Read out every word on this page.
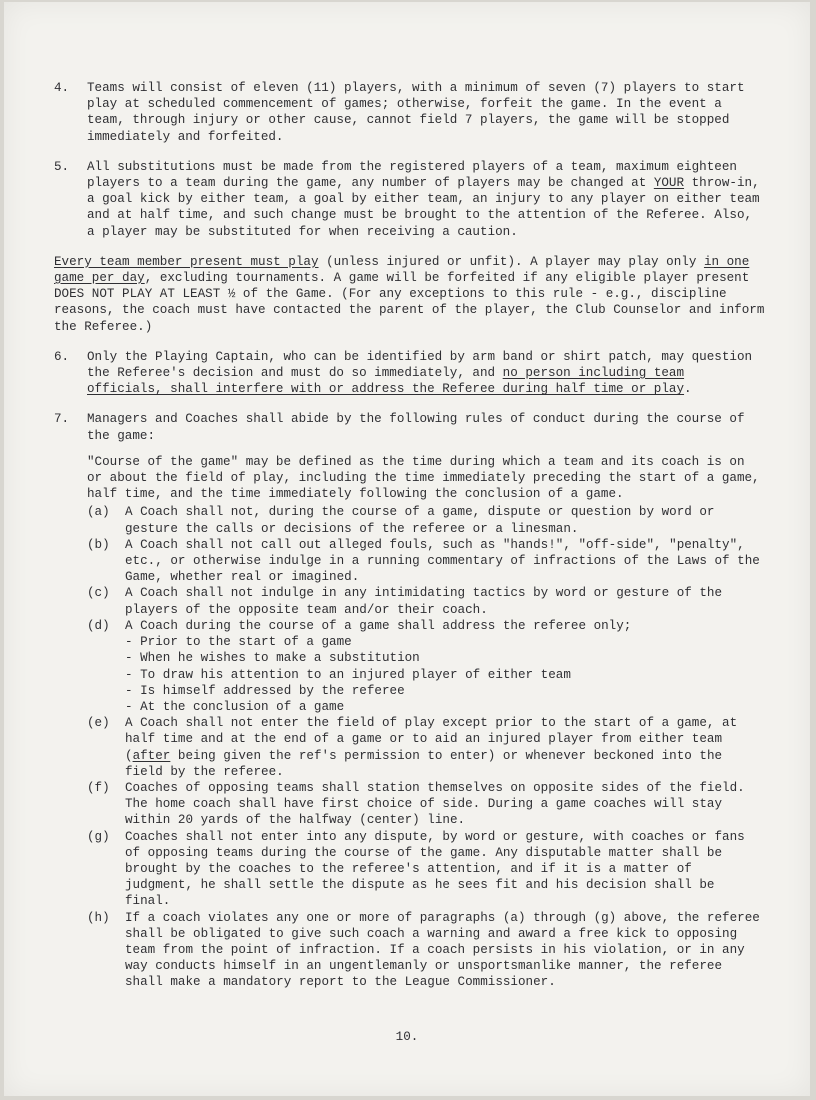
4.	Teams will consist of eleven (11) players, with a minimum of seven (7) players to start play at scheduled commencement of games; otherwise, forfeit the game. In the event a team, through injury or other cause, cannot field 7 players, the game will be stopped immediately and forfeited.
5.	All substitutions must be made from the registered players of a team, maximum eighteen players to a team during the game, any number of players may be changed at YOUR throw-in, a goal kick by either team, a goal by either team, an injury to any player on either team and at half time, and such change must be brought to the attention of the Referee. Also, a player may be substituted for when receiving a caution.
Every team member present must play (unless injured or unfit). A player may play only in one game per day, excluding tournaments. A game will be forfeited if any eligible player present DOES NOT PLAY AT LEAST ½ of the Game. (For any exceptions to this rule - e.g., discipline reasons, the coach must have contacted the parent of the player, the Club Counselor and inform the Referee.)
6.	Only the Playing Captain, who can be identified by arm band or shirt patch, may question the Referee's decision and must do so immediately, and no person including team officials, shall interfere with or address the Referee during half time or play.
7.	Managers and Coaches shall abide by the following rules of conduct during the course of the game:
"Course of the game" may be defined as the time during which a team and its coach is on or about the field of play, including the time immediately preceding the start of a game, half time, and the time immediately following the conclusion of a game.
(a)	A Coach shall not, during the course of a game, dispute or question by word or gesture the calls or decisions of the referee or a linesman.
(b)	A Coach shall not call out alleged fouls, such as "hands!", "off-side", "penalty", etc., or otherwise indulge in a running commentary of infractions of the Laws of the Game, whether real or imagined.
(c)	A Coach shall not indulge in any intimidating tactics by word or gesture of the players of the opposite team and/or their coach.
(d)	A Coach during the course of a game shall address the referee only;
- Prior to the start of a game
- When he wishes to make a substitution
- To draw his attention to an injured player of either team
- Is himself addressed by the referee
- At the conclusion of a game
(e)	A Coach shall not enter the field of play except prior to the start of a game, at half time and at the end of a game or to aid an injured player from either team (after being given the ref's permission to enter) or whenever beckoned into the field by the referee.
(f)	Coaches of opposing teams shall station themselves on opposite sides of the field. The home coach shall have first choice of side. During a game coaches will stay within 20 yards of the halfway (center) line.
(g)	Coaches shall not enter into any dispute, by word or gesture, with coaches or fans of opposing teams during the course of the game. Any disputable matter shall be brought by the coaches to the referee's attention, and if it is a matter of judgment, he shall settle the dispute as he sees fit and his decision shall be final.
(h)	If a coach violates any one or more of paragraphs (a) through (g) above, the referee shall be obligated to give such coach a warning and award a free kick to opposing team from the point of infraction. If a coach persists in his violation, or in any way conducts himself in an ungentlemanly or unsportsmanlike manner, the referee shall make a mandatory report to the League Commissioner.
10.
